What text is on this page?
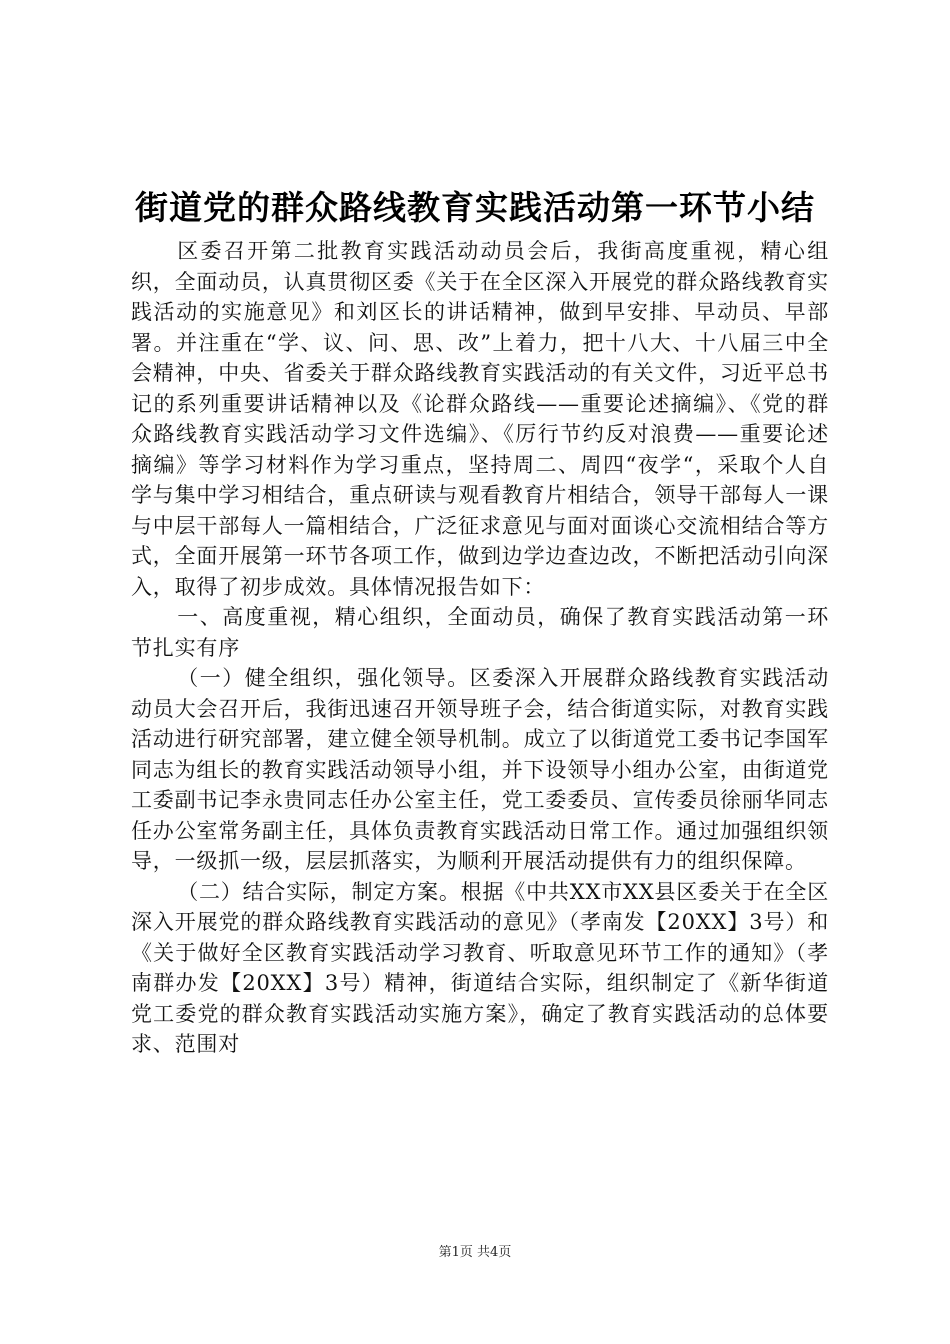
街道党的群众路线教育实践活动第一环节小结

区委召开第二批教育实践活动动员会后，我街高度重视，精心组织，全面动员，认真贯彻区委《关于在全区深入开展党的群众路线教育实践活动的实施意见》和刘区长的讲话精神，做到早安排、早动员、早部署。并注重在“学、议、问、思、改”上着力，把十八大、十八届三中全会精神，中央、省委关于群众路线教育实践活动的有关文件，习近平总书记的系列重要讲话精神以及《论群众路线——重要论述摘编》、《党的群众路线教育实践活动学习文件选编》、《厉行节约反对浪费——重要论述摘编》等学习材料作为学习重点，坚持周二、周四“夜学“，采取个人自学与集中学习相结合，重点研读与观看教育片相结合，领导干部每人一课与中层干部每人一篇相结合，广泛征求意见与面对面谈心交流相结合等方式，全面开展第一环节各项工作，做到边学边查边改，不断把活动引向深入，取得了初步成效。具体情况报告如下：

一、高度重视，精心组织，全面动员，确保了教育实践活动第一环节扎实有序

（一）健全组织，强化领导。区委深入开展群众路线教育实践活动动员大会召开后，我街迅速召开领导班子会，结合街道实际，对教育实践活动进行研究部署，建立健全领导机制。成立了以街道党工委书记李国军同志为组长的教育实践活动领导小组，并下设领导小组办公室，由街道党工委副书记李永贵同志任办公室主任，党工委委员、宣传委员徐丽华同志任办公室常务副主任，具体负责教育实践活动日常工作。通过加强组织领导，一级抓一级，层层抓落实，为顺利开展活动提供有力的组织保障。

（二）结合实际，制定方案。根据《中共XX市XX县区委关于在全区深入开展党的群众路线教育实践活动的意见》（孝南发【20XX】3号）和《关于做好全区教育实践活动学习教育、听取意见环节工作的通知》（孝南群办发【20XX】3号）精神，街道结合实际，组织制定了《新华街道党工委党的群众教育实践活动实施方案》，确定了教育实践活动的总体要求、范围对

第1页 共4页
